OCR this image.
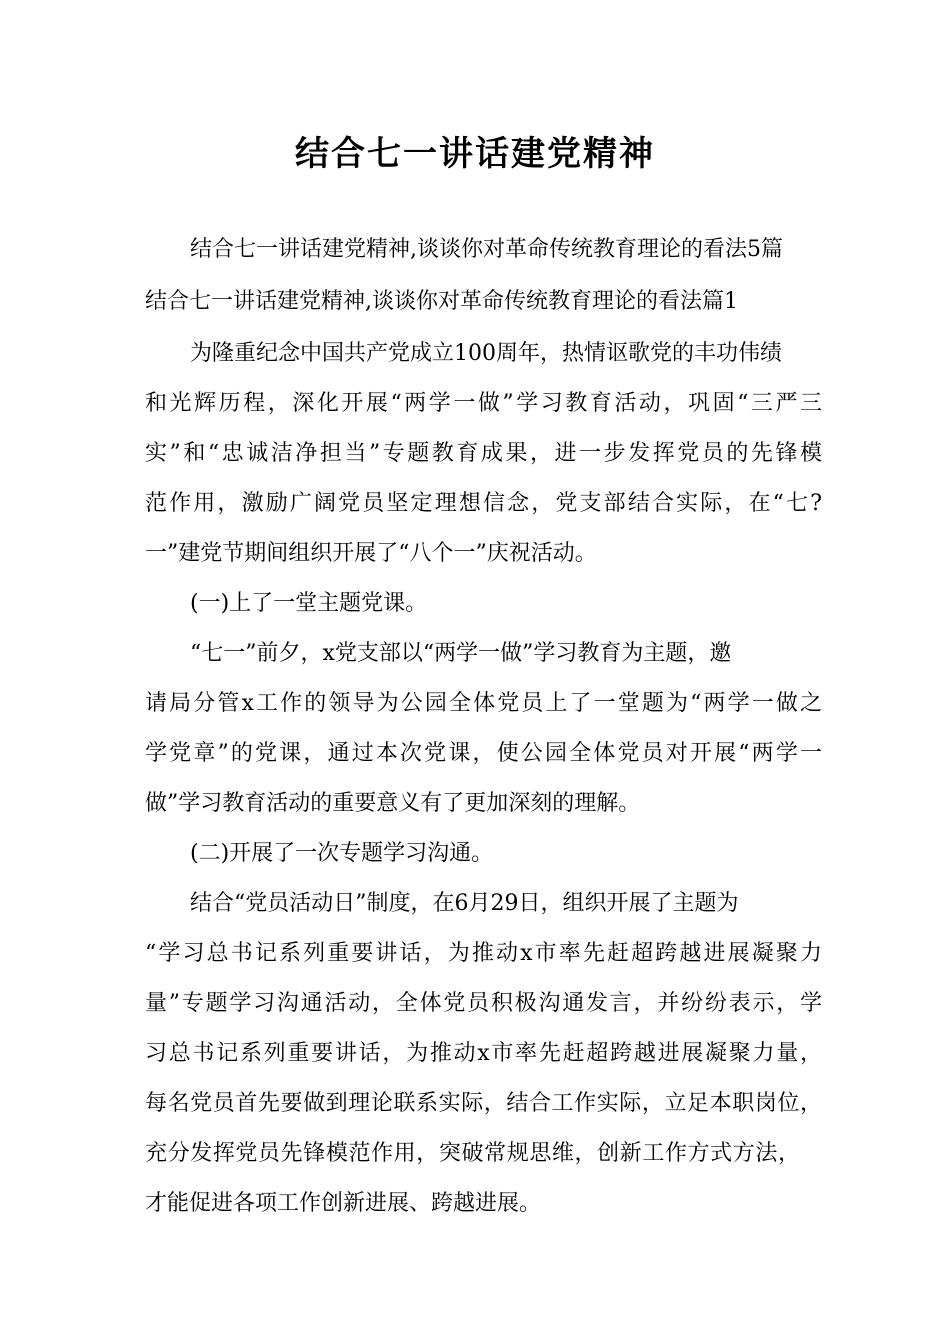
结合七一讲话建党精神
结合七一讲话建党精神,谈谈你对革命传统教育理论的看法5篇
结合七一讲话建党精神,谈谈你对革命传统教育理论的看法篇1
为隆重纪念中国共产党成立100周年，热情讴歌党的丰功伟绩
和光辉历程，深化开展“两学一做”学习教育活动，巩固“三严三
实”和“忠诚洁净担当”专题教育成果，进一步发挥党员的先锋模
范作用，激励广阔党员坚定理想信念，党支部结合实际，在“七?
一”建党节期间组织开展了“八个一”庆祝活动。
(一)上了一堂主题党课。
“七一”前夕，x党支部以“两学一做”学习教育为主题，邀
请局分管x工作的领导为公园全体党员上了一堂题为“两学一做之
学党章”的党课，通过本次党课，使公园全体党员对开展“两学一
做”学习教育活动的重要意义有了更加深刻的理解。
(二)开展了一次专题学习沟通。
结合“党员活动日”制度，在6月29日，组织开展了主题为
“学习总书记系列重要讲话，为推动x市率先赶超跨越进展凝聚力
量”专题学习沟通活动，全体党员积极沟通发言，并纷纷表示，学
习总书记系列重要讲话，为推动x市率先赶超跨越进展凝聚力量，
每名党员首先要做到理论联系实际，结合工作实际，立足本职岗位，
充分发挥党员先锋模范作用，突破常规思维，创新工作方式方法，
才能促进各项工作创新进展、跨越进展。
